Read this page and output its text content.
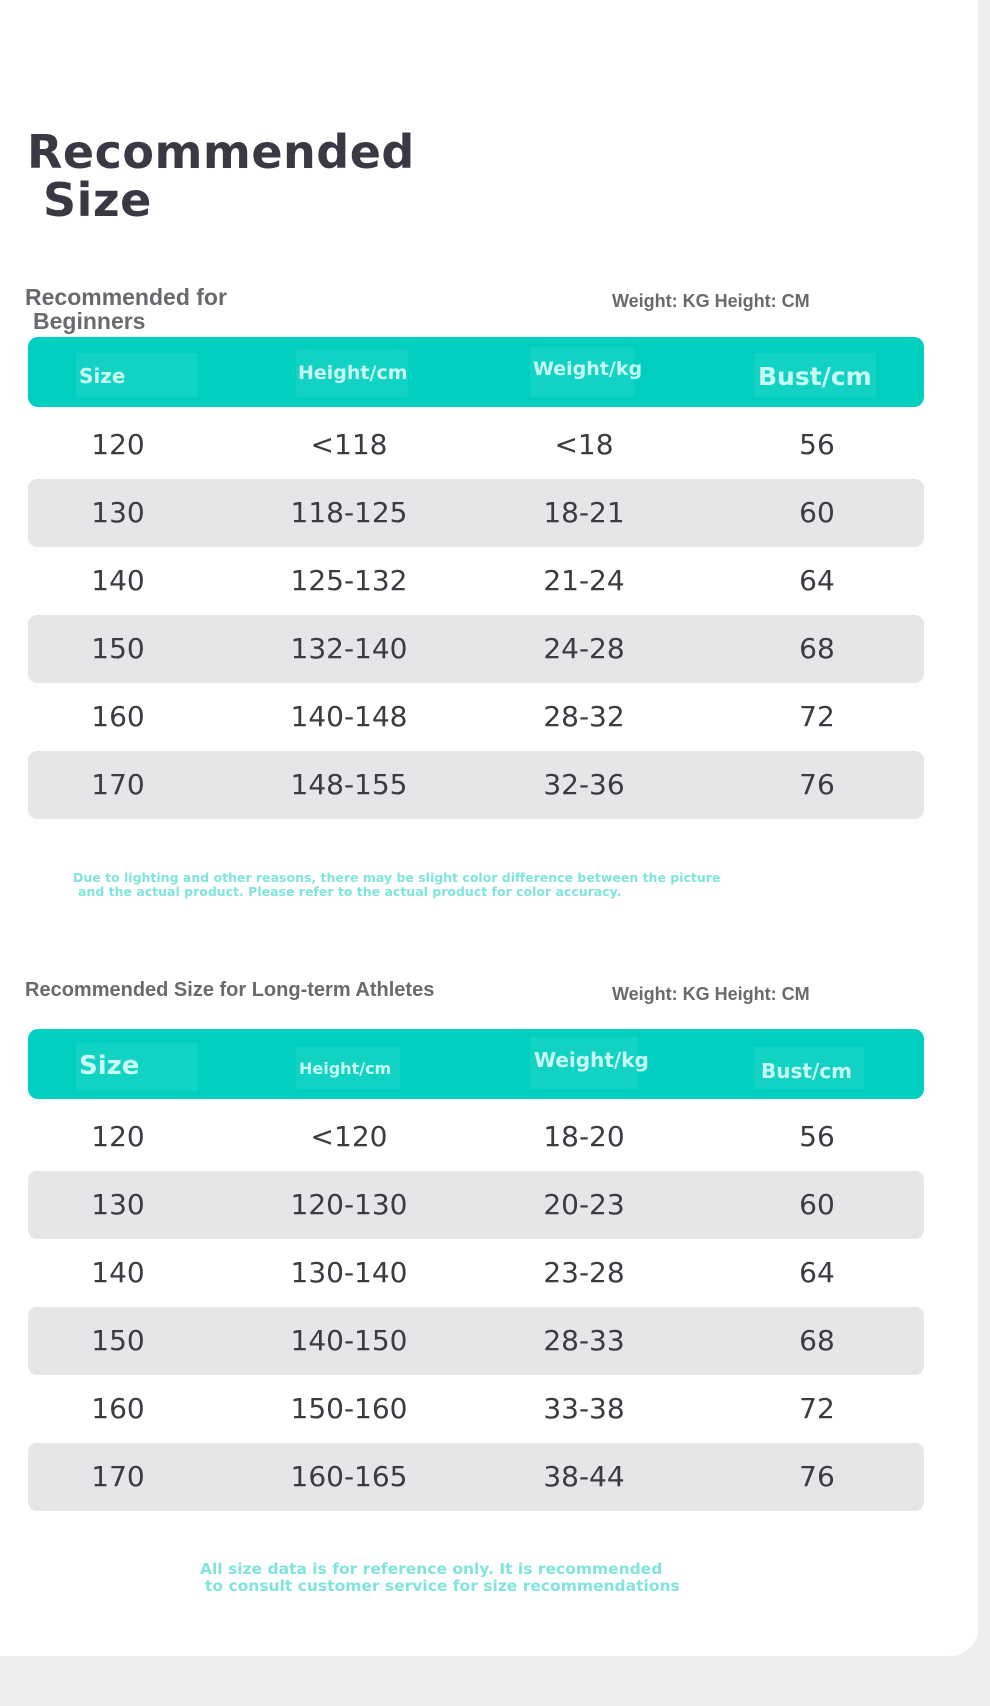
Recommended
Size
Recommended for
Beginners
Weight: KG Height: CM
Size	Height/cm	Weight/kg	Bust/cm
120	<118	<18	56
130	118-125	18-21	60
140	125-132	21-24	64
150	132-140	24-28	68
160	140-148	28-32	72
170	148-155	32-36	76
Due to lighting and other reasons, there may be slight color difference between the picture
and the actual product. Please refer to the actual product for color accuracy.
Recommended Size for Long-term Athletes	Weight: KG Height: CM
Size	Height/cm	Weight/kg	Bust/cm
120	<120	18-20	56
130	120-130	20-23	60
140	130-140	23-28	64
150	140-150	28-33	68
160	150-160	33-38	72
170	160-165	38-44	76
All size data is for reference only. It is recommended
to consult customer service for size recommendations
